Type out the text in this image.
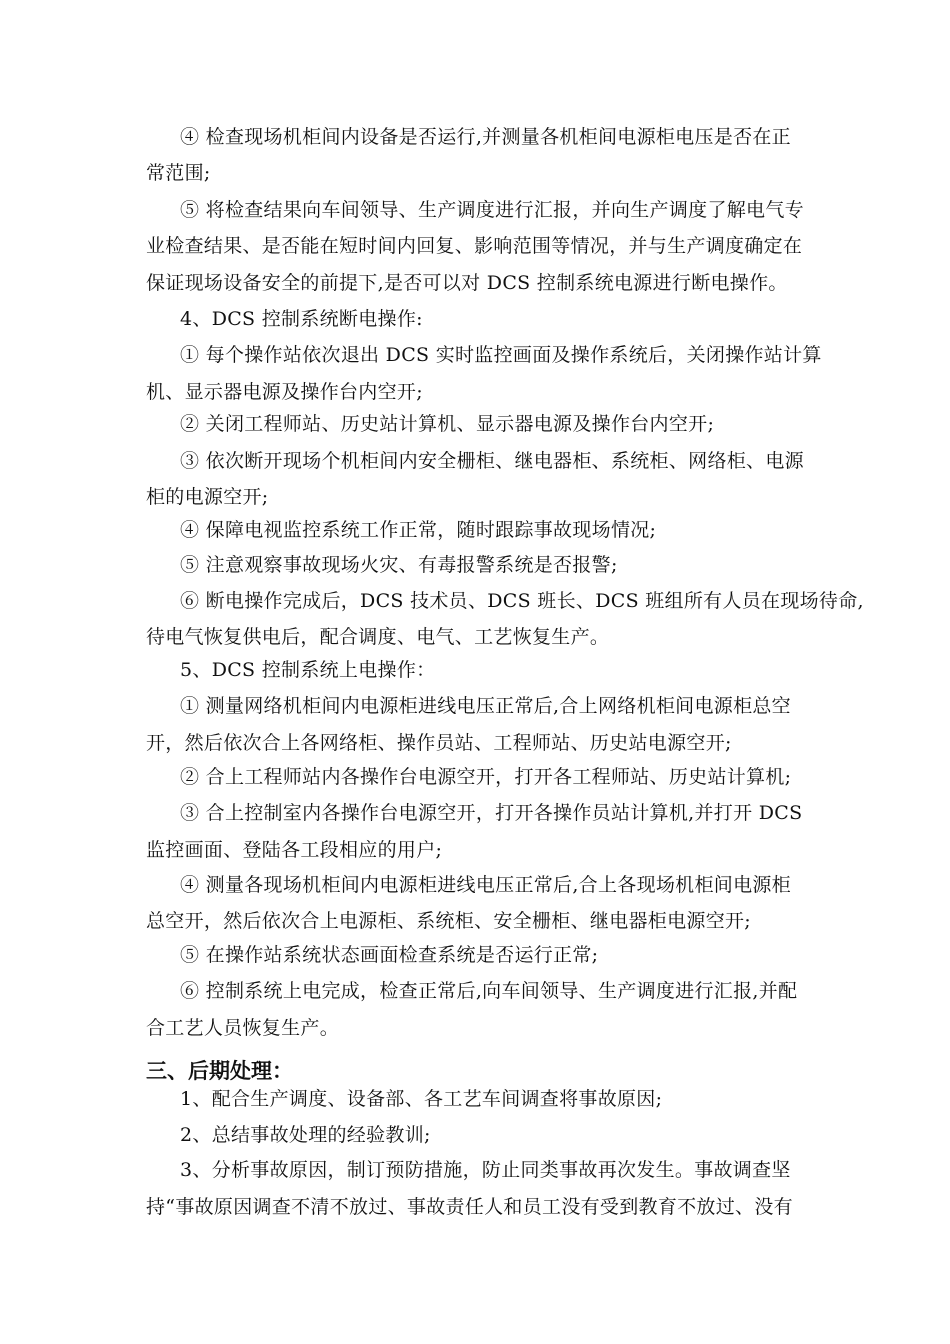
④ 检查现场机柜间内设备是否运行,并测量各机柜间电源柜电压是否在正
常范围;
⑤ 将检查结果向车间领导、生产调度进行汇报，并向生产调度了解电气专
业检查结果、是否能在短时间内回复、影响范围等情况，并与生产调度确定在
保证现场设备安全的前提下,是否可以对 DCS 控制系统电源进行断电操作。
4、DCS 控制系统断电操作:
① 每个操作站依次退出 DCS 实时监控画面及操作系统后，关闭操作站计算
机、显示器电源及操作台内空开;
② 关闭工程师站、历史站计算机、显示器电源及操作台内空开;
③ 依次断开现场个机柜间内安全栅柜、继电器柜、系统柜、网络柜、电源
柜的电源空开;
④ 保障电视监控系统工作正常，随时跟踪事故现场情况;
⑤ 注意观察事故现场火灾、有毒报警系统是否报警;
⑥ 断电操作完成后，DCS 技术员、DCS 班长、DCS 班组所有人员在现场待命,
待电气恢复供电后，配合调度、电气、工艺恢复生产。
5、DCS 控制系统上电操作：
① 测量网络机柜间内电源柜进线电压正常后,合上网络机柜间电源柜总空
开，然后依次合上各网络柜、操作员站、工程师站、历史站电源空开;
② 合上工程师站内各操作台电源空开，打开各工程师站、历史站计算机;
③ 合上控制室内各操作台电源空开，打开各操作员站计算机,并打开 DCS
监控画面、登陆各工段相应的用户;
④ 测量各现场机柜间内电源柜进线电压正常后,合上各现场机柜间电源柜
总空开，然后依次合上电源柜、系统柜、安全栅柜、继电器柜电源空开;
⑤ 在操作站系统状态画面检查系统是否运行正常;
⑥ 控制系统上电完成，检查正常后,向车间领导、生产调度进行汇报,并配
合工艺人员恢复生产。
三、后期处理：
1、配合生产调度、设备部、各工艺车间调查将事故原因;
2、总结事故处理的经验教训;
3、分析事故原因，制订预防措施，防止同类事故再次发生。事故调查坚
持“事故原因调查不清不放过、事故责任人和员工没有受到教育不放过、没有
